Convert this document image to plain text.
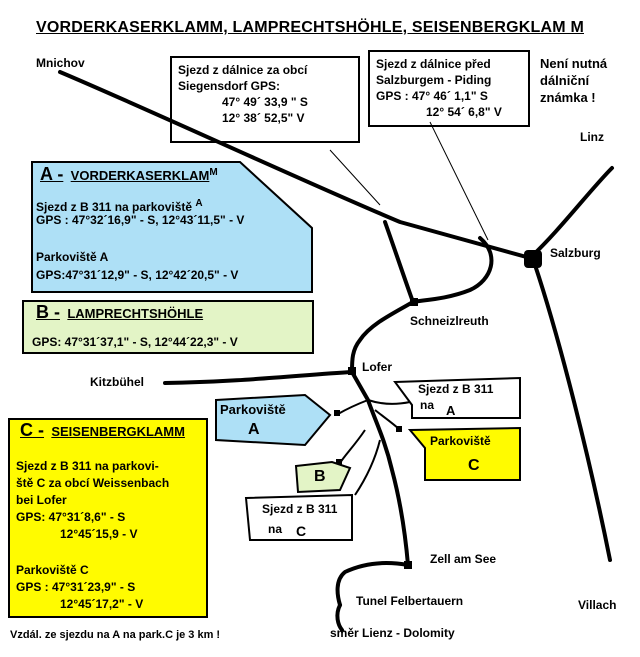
VORDERKASERKLAMM, LAMPRECHTSHÖHLE, SEISENBERGKLAM M
Sjezd z dálnice za obcí
Siegensdorf GPS:
47° 49´ 33,9 " S
12° 38´ 52,5" V
Sjezd z dálnice před
Salzburgem - Piding
GPS : 47° 46´ 1,1" S
12° 54´ 6,8" V
Není nutná
dálniční
známka !
Mnichov
Linz
Salzburg
Schneizlreuth
Lofer
Kitzbühel
Zell am See
Tunel Felbertauern
směr Lienz - Dolomity
Villach
A - $VORDERKASERKLAM^M$
Sjezd z B 311 na parkoviště $^A$
GPS : 47°32´16,9" - S, 12°43´11,5" - V
Parkoviště A
GPS:47°31´12,9" - S, 12°42´20,5" - V
B - LAMPRECHTSHÖHLE
GPS: 47°31´37,1" - S, 12°44´22,3" - V
C - SEISENBERGKLAMM
Sjezd z B 311 na parkovi-
ště C za obcí Weissenbach
bei Lofer
GPS: 47°31´8,6" - S
12°45´15,9 - V
Parkoviště C
GPS : 47°31´23,9" - S
12°45´17,2" - V
Parkoviště
A
Sjezd z B 311
na A
Parkoviště
C
B
Sjezd z B 311
na C
Vzdál. ze sjezdu na A na park.C je 3 km !
